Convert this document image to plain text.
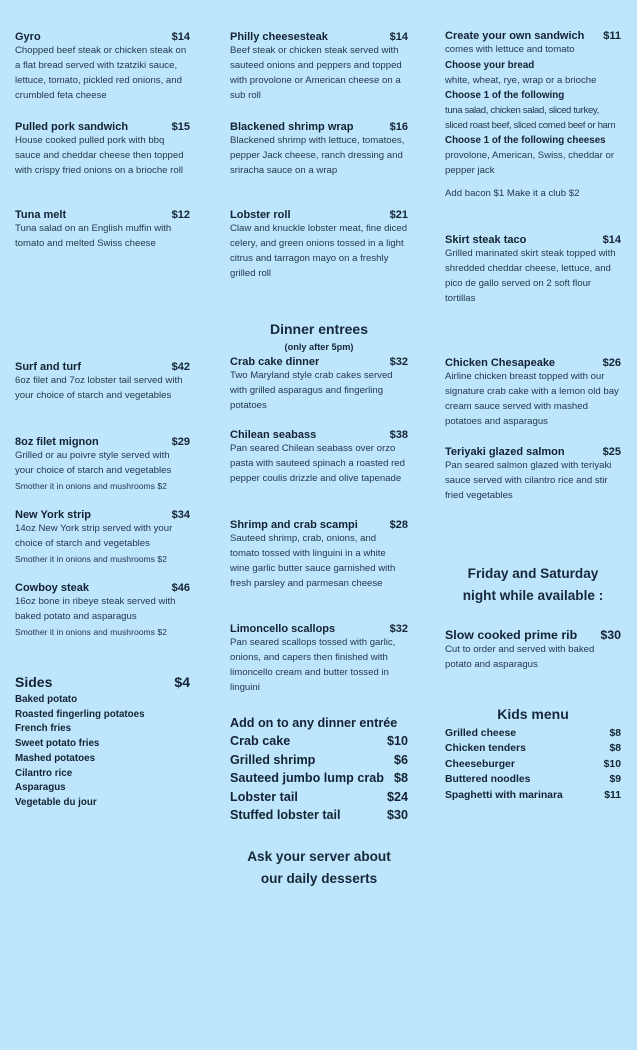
Gyro	$14
Chopped beef steak or chicken steak on a flat bread served with tzatziki sauce, lettuce, tomato, pickled red onions, and crumbled feta cheese
Pulled pork sandwich	$15
House cooked pulled pork with bbq sauce and cheddar cheese then topped with crispy fried onions on a brioche roll
Tuna melt	$12
Tuna salad on an English muffin with tomato and melted Swiss cheese
Surf and turf	$42
6oz filet and 7oz lobster tail served with your choice of starch and vegetables
8oz filet mignon	$29
Grilled or au poivre style served with your choice of starch and vegetables
Smother it in onions and mushrooms $2
New York strip	$34
14oz New York strip served with your choice of starch and vegetables
Smother it in onions and mushrooms $2
Cowboy steak	$46
16oz bone in ribeye steak served with baked potato and asparagus
Smother it in onions and mushrooms $2
Sides	$4
Baked potato
Roasted fingerling potatoes
French fries
Sweet potato fries
Mashed potatoes
Cilantro rice
Asparagus
Vegetable du jour
Philly cheesesteak	$14
Beef steak or chicken steak served with sauteed onions and peppers and topped with provolone or American cheese on a sub roll
Blackened shrimp wrap	$16
Blackened shrimp with lettuce, tomatoes, pepper Jack cheese, ranch dressing and sriracha sauce on a wrap
Lobster roll	$21
Claw and knuckle lobster meat, fine diced celery, and green onions tossed in a light citrus and tarragon mayo on a freshly grilled roll
Dinner entrees
(only after 5pm)
Crab cake dinner	$32
Two Maryland style crab cakes served with grilled asparagus and fingerling potatoes
Chilean seabass	$38
Pan seared Chilean seabass over orzo pasta with sauteed spinach a roasted red pepper coulis drizzle and olive tapenade
Shrimp and crab scampi	$28
Sauteed shrimp, crab, onions, and tomato tossed with linguini in a white wine garlic butter sauce garnished with fresh parsley and parmesan cheese
Limoncello scallops	$32
Pan seared scallops tossed with garlic, onions, and capers then finished with limoncello cream and butter tossed in linguini
Add on to any dinner entrée
Crab cake	$10
Grilled shrimp	$6
Sauteed jumbo lump crab $8
Lobster tail	$24
Stuffed lobster tail	$30
Ask your server about
our daily desserts
Create your own sandwich $11
comes with lettuce and tomato
Choose your bread
white, wheat, rye, wrap or a brioche
Choose 1 of the following
tuna salad, chicken salad, sliced turkey, sliced roast beef, sliced corned beef or ham
Choose 1 of the following cheeses
provolone, American, Swiss, cheddar or pepper jack
Add bacon $1 Make it a club $2
Skirt steak taco	$14
Grilled marinated skirt steak topped with shredded cheddar cheese, lettuce, and pico de gallo served on 2 soft flour tortillas
Chicken Chesapeake	$26
Airline chicken breast topped with our signature crab cake with a lemon old bay cream sauce served with mashed potatoes and asparagus
Teriyaki glazed salmon	$25
Pan seared salmon glazed with teriyaki sauce served with cilantro rice and stir fried vegetables
Friday and Saturday
night while available :
Slow cooked prime rib $30
Cut to order and served with baked potato and asparagus
Kids menu
Grilled cheese	$8
Chicken tenders	$8
Cheeseburger	$10
Buttered noodles	$9
Spaghetti with marinara	$11
